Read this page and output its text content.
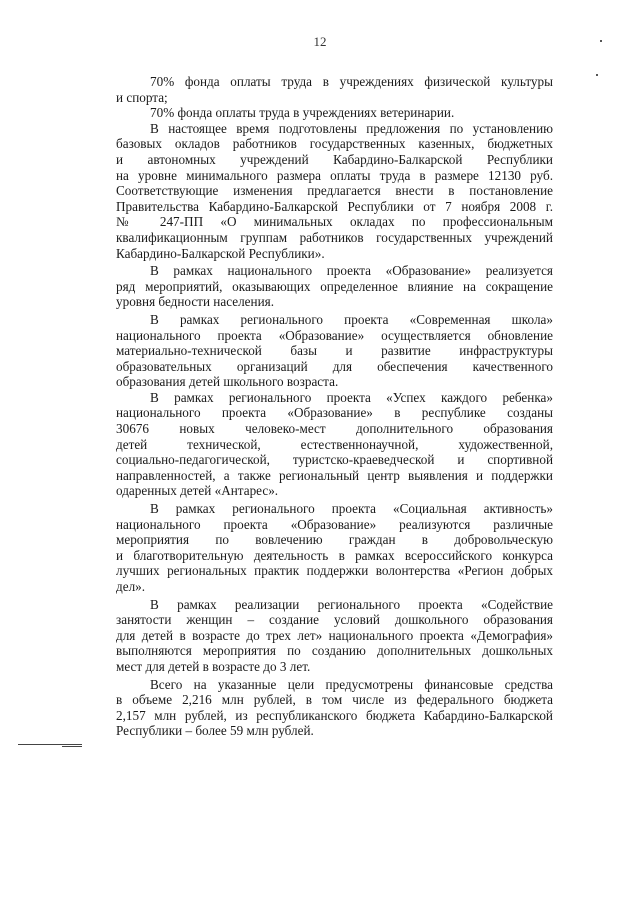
12
70% фонда оплаты труда в учреждениях физической культуры
и спорта;
70% фонда оплаты труда в учреждениях ветеринарии.
В настоящее время подготовлены предложения по установлению
базовых окладов работников государственных казенных, бюджетных
и автономных учреждений Кабардино-Балкарской Республики
на уровне минимального размера оплаты труда в размере 12130 руб.
Соответствующие изменения предлагается внести в постановление
Правительства Кабардино-Балкарской Республики от 7 ноября 2008 г.
№ 247-ПП «О минимальных окладах по профессиональным
квалификационным группам работников государственных учреждений
Кабардино-Балкарской Республики».
В рамках национального проекта «Образование» реализуется
ряд мероприятий, оказывающих определенное влияние на сокращение
уровня бедности населения.
В рамках регионального проекта «Современная школа»
национального проекта «Образование» осуществляется обновление
материально-технической базы и развитие инфраструктуры
образовательных организаций для обеспечения качественного
образования детей школьного возраста.
В рамках регионального проекта «Успех каждого ребенка»
национального проекта «Образование» в республике созданы
30676 новых человеко-мест дополнительного образования
детей технической, естественнонаучной, художественной,
социально-педагогической, туристско-краеведческой и спортивной
направленностей, а также региональный центр выявления и поддержки
одаренных детей «Антарес».
В рамках регионального проекта «Социальная активность»
национального проекта «Образование» реализуются различные
мероприятия по вовлечению граждан в добровольческую
и благотворительную деятельность в рамках всероссийского конкурса
лучших региональных практик поддержки волонтерства «Регион добрых
дел».
В рамках реализации регионального проекта «Содействие
занятости женщин – создание условий дошкольного образования
для детей в возрасте до трех лет» национального проекта «Демография»
выполняются мероприятия по созданию дополнительных дошкольных
мест для детей в возрасте до 3 лет.
Всего на указанные цели предусмотрены финансовые средства
в объеме 2,216 млн рублей, в том числе из федерального бюджета
2,157 млн рублей, из республиканского бюджета Кабардино-Балкарской
Республики – более 59 млн рублей.
